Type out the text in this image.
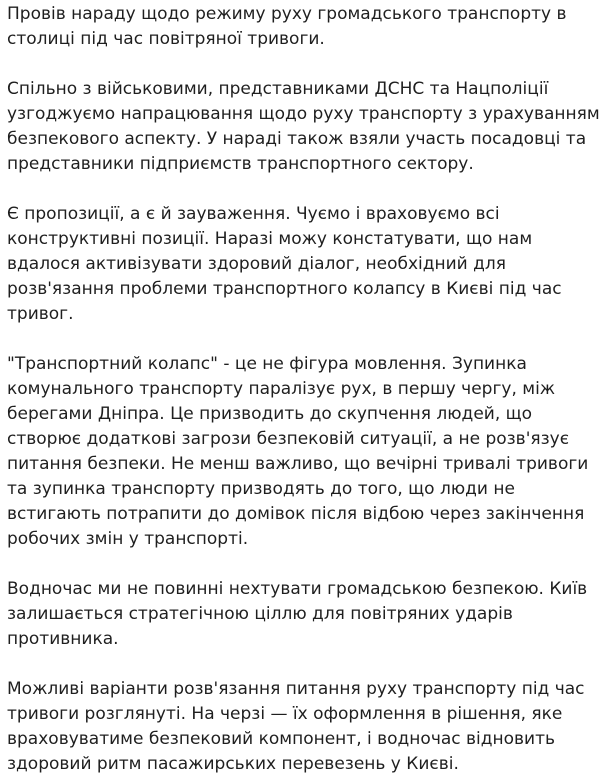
Провів нараду щодо режиму руху громадського транспорту в
столиці під час повітряної тривоги.

Спільно з військовими, представниками ДСНС та Нацполіції
узгоджуємо напрацювання щодо руху транспорту з урахуванням
безпекового аспекту. У нараді також взяли участь посадовці та
представники підприємств транспортного сектору.

Є пропозиції, а є й зауваження. Чуємо і враховуємо всі
конструктивні позиції. Наразі можу констатувати, що нам
вдалося активізувати здоровий діалог, необхідний для
розв'язання проблеми транспортного колапсу в Києві під час
тривог.

"Транспортний колапс" - це не фігура мовлення. Зупинка
комунального транспорту паралізує рух, в першу чергу, між
берегами Дніпра. Це призводить до скупчення людей, що
створює додаткові загрози безпековій ситуації, а не розв'язує
питання безпеки. Не менш важливо, що вечірні тривалі тривоги
та зупинка транспорту призводять до того, що люди не
встигають потрапити до домівок після відбою через закінчення
робочих змін у транспорті.

Водночас ми не повинні нехтувати громадською безпекою. Київ
залишається стратегічною ціллю для повітряних ударів
противника.

Можливі варіанти розв'язання питання руху транспорту під час
тривоги розглянуті. На черзі — їх оформлення в рішення, яке
враховуватиме безпековий компонент, і водночас відновить
здоровий ритм пасажирських перевезень у Києві.
